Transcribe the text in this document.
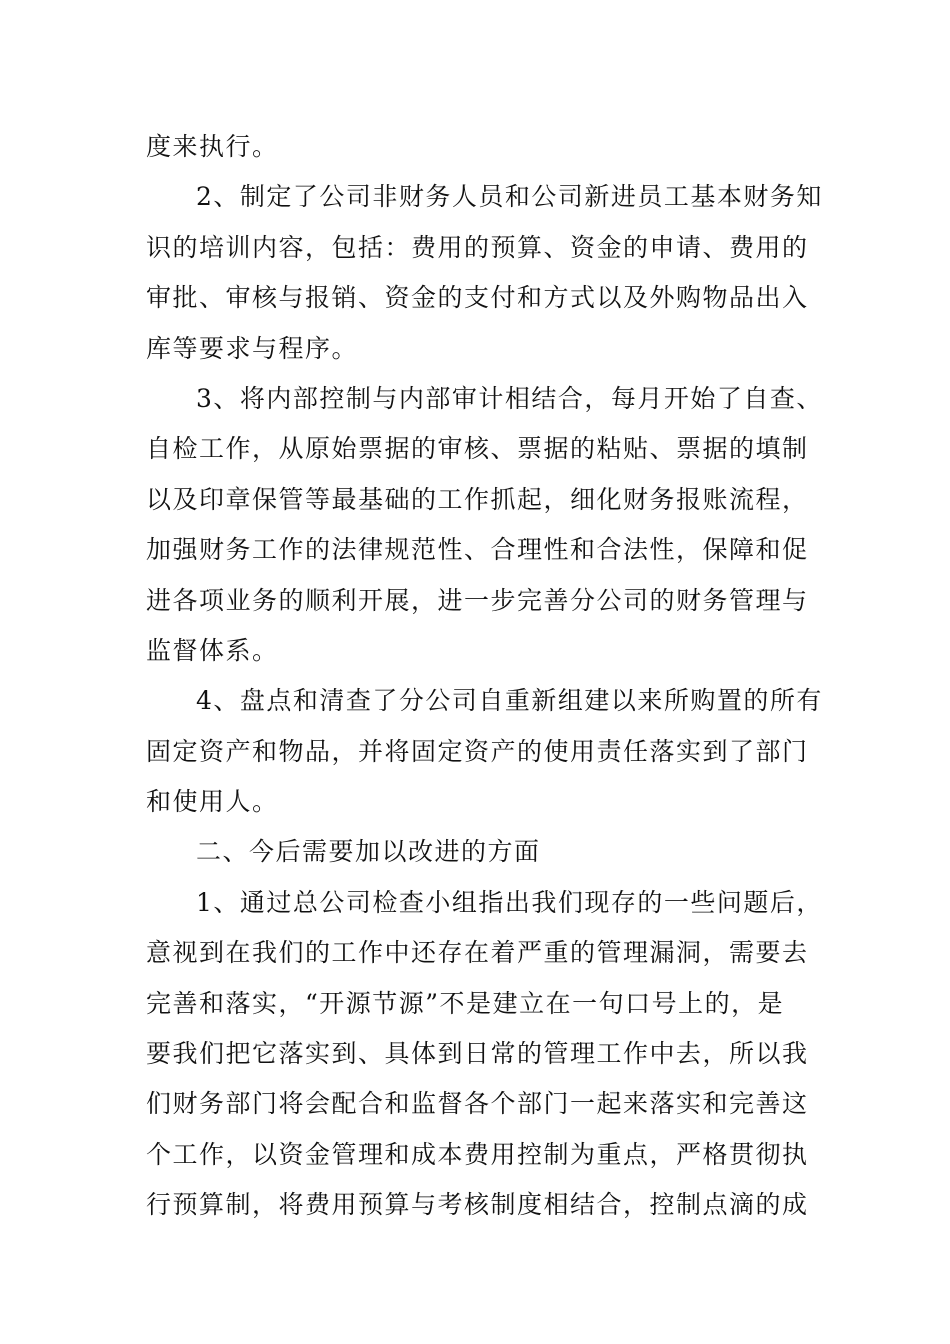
度来执行。
2、制定了公司非财务人员和公司新进员工基本财务知
识的培训内容，包括：费用的预算、资金的申请、费用的
审批、审核与报销、资金的支付和方式以及外购物品出入
库等要求与程序。
3、将内部控制与内部审计相结合，每月开始了自查、
自检工作，从原始票据的审核、票据的粘贴、票据的填制
以及印章保管等最基础的工作抓起，细化财务报账流程，
加强财务工作的法律规范性、合理性和合法性，保障和促
进各项业务的顺利开展，进一步完善分公司的财务管理与
监督体系。
4、盘点和清查了分公司自重新组建以来所购置的所有
固定资产和物品，并将固定资产的使用责任落实到了部门
和使用人。
二、今后需要加以改进的方面
1、通过总公司检查小组指出我们现存的一些问题后，
意视到在我们的工作中还存在着严重的管理漏洞，需要去
完善和落实，“开源节源”不是建立在一句口号上的，是
要我们把它落实到、具体到日常的管理工作中去，所以我
们财务部门将会配合和监督各个部门一起来落实和完善这
个工作，以资金管理和成本费用控制为重点，严格贯彻执
行预算制，将费用预算与考核制度相结合，控制点滴的成
